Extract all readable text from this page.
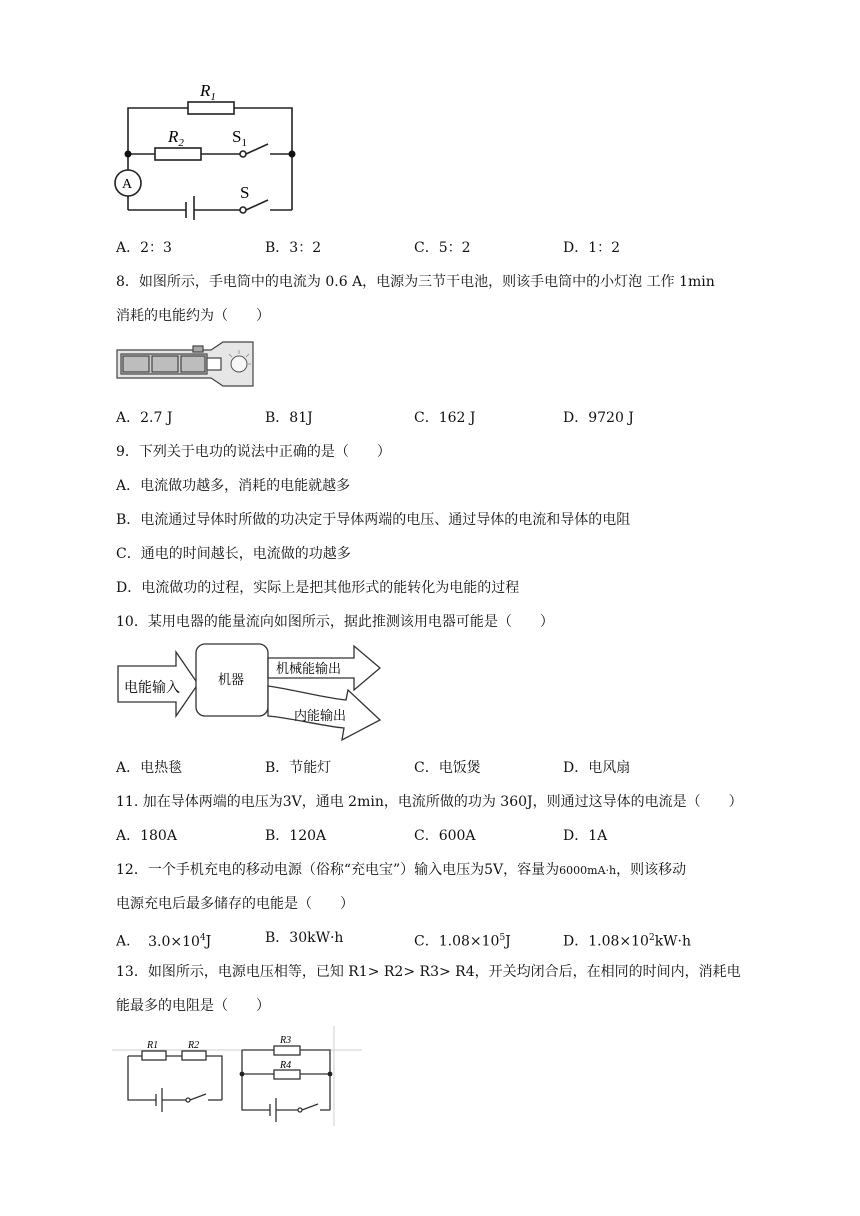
$R_1$
$R_2$	$S_1$
S
A
A．2：3	B．3：2	C．5：2	D．1：2
8．如图所示，手电筒中的电流为 0.6 A，电源为三节干电池，则该手电筒中的小灯泡 工作 1min
消耗的电能约为（　　）
A．2.7 J	B．81J	C．162 J	D．9720 J
9．下列关于电功的说法中正确的是（　　）
A．电流做功越多，消耗的电能就越多
B．电流通过导体时所做的功决定于导体两端的电压、通过导体的电流和导体的电阻
C．通电的时间越长，电流做的功越多
D．电流做功的过程，实际上是把其他形式的能转化为电能的过程
10．某用电器的能量流向如图所示，据此推测该用电器可能是（　　）
电能输入	机器
机械能输出
内能输出
A．电热毯	B．节能灯	C．电饭煲	D．电风扇
11. 加在导体两端的电压为3V，通电 2min，电流所做的功为 360J，则通过这导体的电流是（　　）
A．180A	B．120A	C．600A	D．1A
12．一个手机充电的移动电源（俗称“充电宝”）输入电压为5V，容量为6000mA·h，则该移动
电源充电后最多储存的电能是（　　）
A． $3.0\times 10^4J$	B．30kW·h	C．$1.08\times 10^5J$	D．$1.08\times 10^2kW\cdot h$
13．如图所示，电源电压相等，已知 R1> R2> R3> R4，开关均闭合后，在相同的时间内，消耗电
能最多的电阻是（　　）
R1	R2	R3
R4
